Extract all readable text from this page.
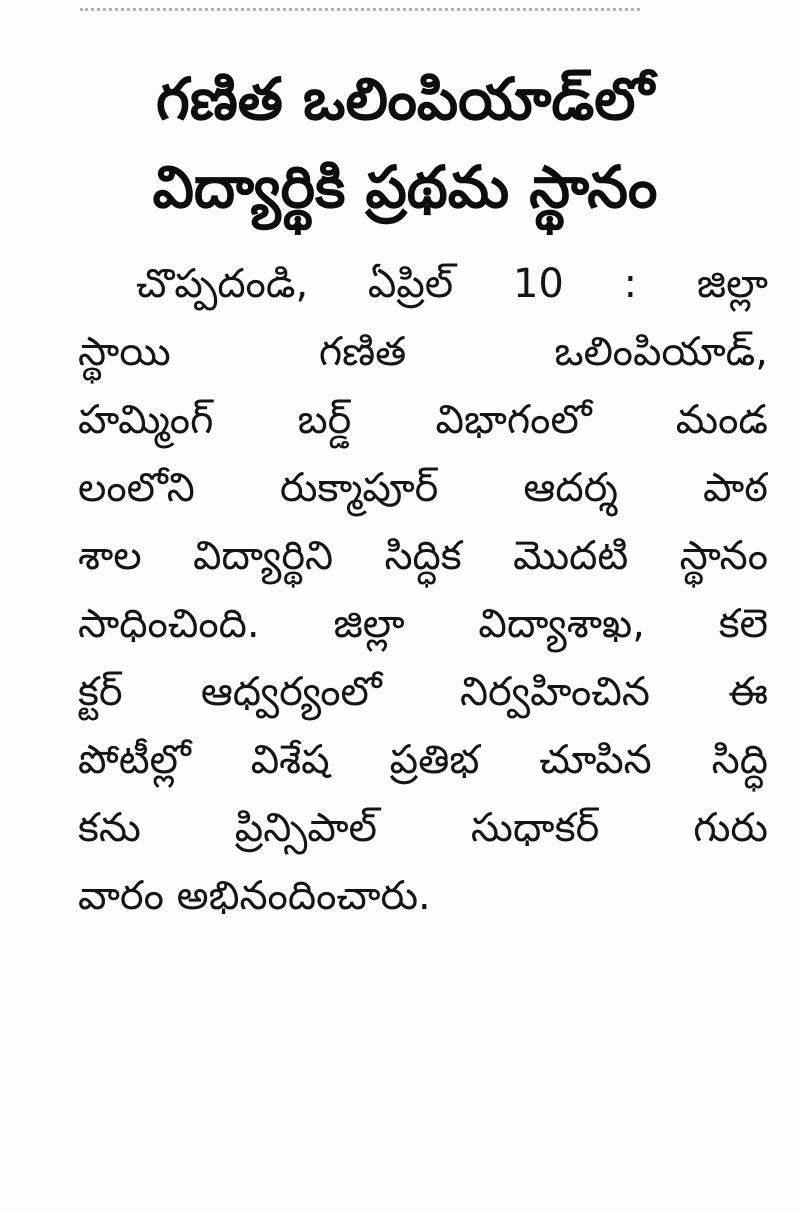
గణిత ఒలింపియాడ్‌లో
విద్యార్థికి ప్రథమ స్థానం
చొప్పదండి, ఏప్రిల్ 10 : జిల్లా
స్థాయి గణిత ఒలింపియాడ్,
హమ్మింగ్ బర్డ్ విభాగంలో మండ
లంలోని రుక్మాపూర్ ఆదర్శ పాఠ
శాల విద్యార్థిని సిద్ధిక మొదటి స్థానం
సాధించింది. జిల్లా విద్యాశాఖ, కలె
క్టర్ ఆధ్వర్యంలో నిర్వహించిన ఈ
పోటీల్లో విశేష ప్రతిభ చూపిన సిద్ధి
కను ప్రిన్సిపాల్ సుధాకర్ గురు
వారం అభినందించారు.
